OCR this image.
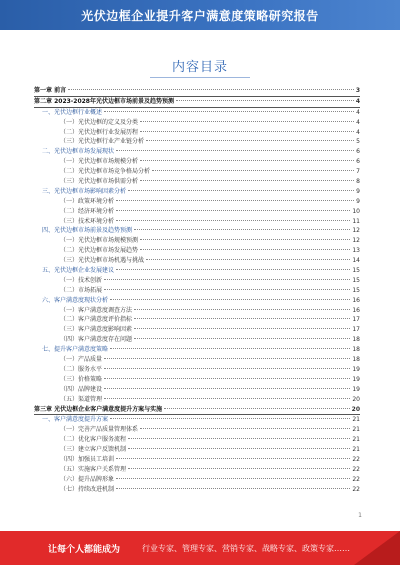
光伏边框企业提升客户满意度策略研究报告
内容目录
第一章 前言	3
第二章 2023-2028年光伏边框市场前景及趋势预测	4
一、光伏边框行业概述	4
（一）光伏边框的定义及分类	4
（二）光伏边框行业发展历程	4
（三）光伏边框行业产业链分析	5
二、光伏边框市场发展现状	6
（一）光伏边框市场规模分析	6
（二）光伏边框市场竞争格局分析	7
（三）光伏边框市场供需分析	8
三、光伏边框市场影响因素分析	9
（一）政策环境分析	9
（二）经济环境分析	10
（三）技术环境分析	11
四、光伏边框市场前景及趋势预测	12
（一）光伏边框市场规模预测	12
（二）光伏边框市场发展趋势	13
（三）光伏边框市场机遇与挑战	14
五、光伏边框企业发展建议	15
（一）技术创新	15
（二）市场拓展	15
六、客户满意度现状分析	16
（一）客户满意度调查方法	16
（二）客户满意度评价指标	17
（三）客户满意度影响因素	17
（四）客户满意度存在问题	18
七、提升客户满意度策略	18
（一）产品质量	18
（二）服务水平	19
（三）价格策略	19
（四）品牌建设	19
（五）渠道管理	20
第三章 光伏边框企业客户满意度提升方案与实施	20
一、客户满意度提升方案	21
（一）完善产品质量管理体系	21
（二）优化客户服务流程	21
（三）建立客户反馈机制	21
（四）加强员工培训	22
（五）实施客户关系管理	22
（六）提升品牌形象	22
（七）持续改进机制	22
1
让每个人都能成为	行业专家、管理专家、营销专家、战略专家、政策专家……
